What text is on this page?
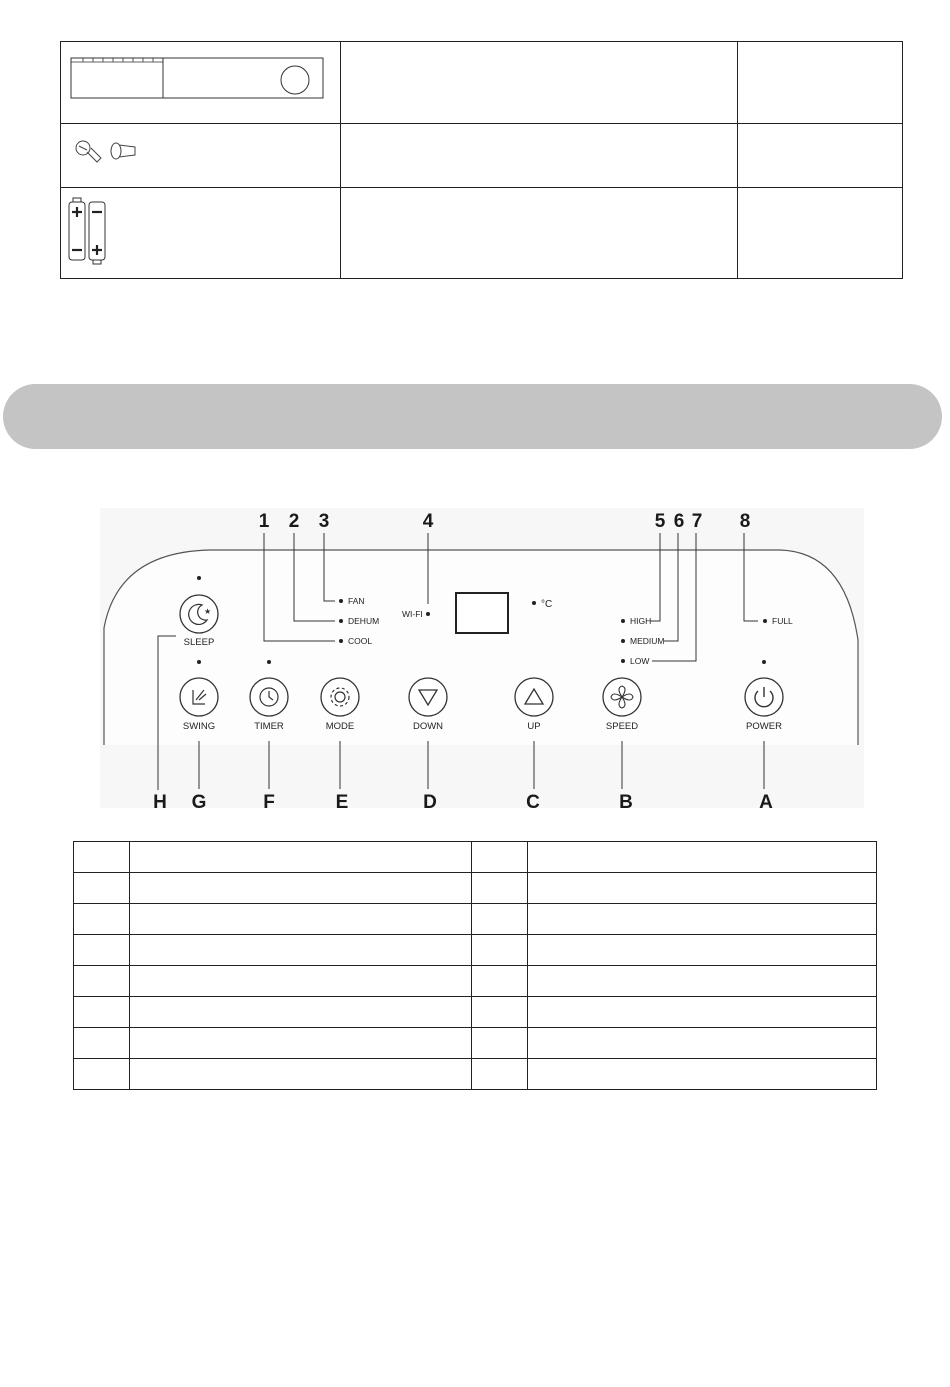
FAN
DEHUM
COOL
WI-FI
°C
HIGH
MEDIUM
LOW
FULL
★
SLEEP
SWING	TIMER	MODE	DOWN	UP	SPEED	POWER
1 2 3	4	5 6 7 8
H G	F	E	D	C	B	A
